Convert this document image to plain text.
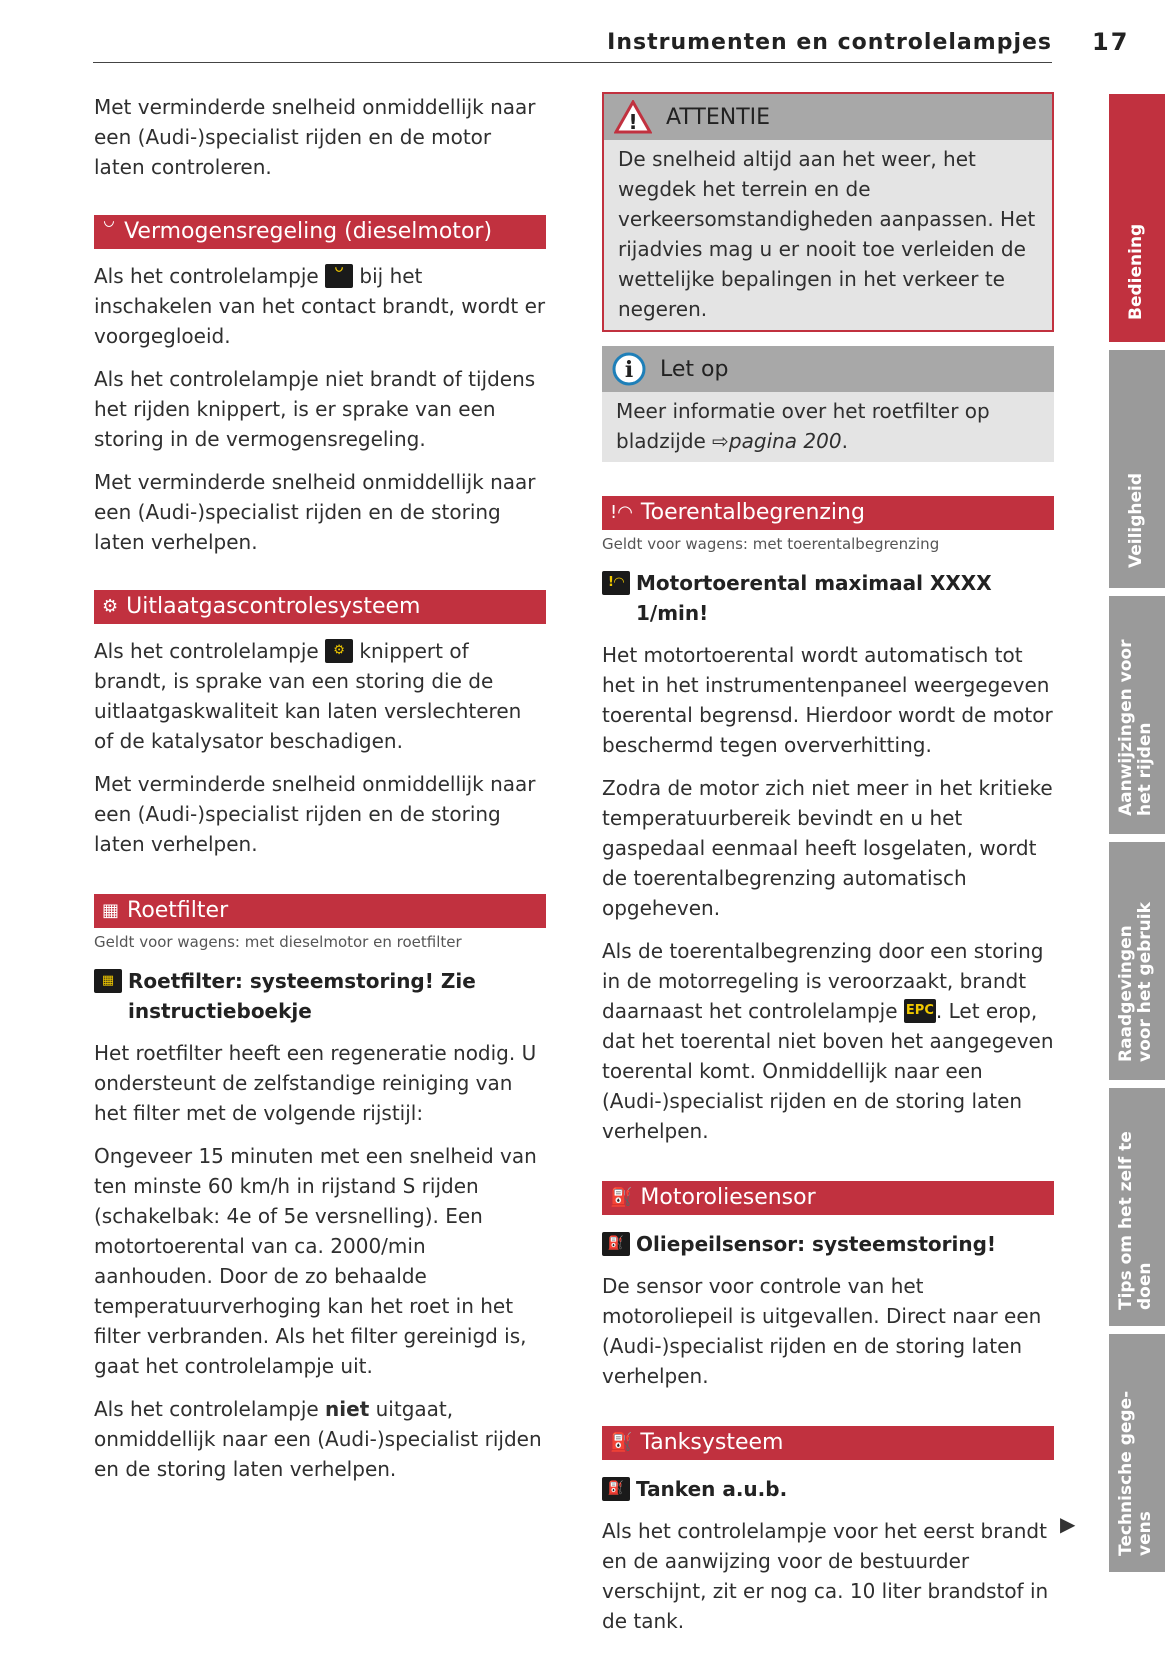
Instrumenten en controlelampjes 17

Met verminderde snelheid onmiddellijk naar een (Audi-)specialist rijden en de motor laten controleren.

꒡ Vermogensregeling (dieselmotor)

Als het controlelampje ꒡ bij het inschakelen van het contact brandt, wordt er voorgegloeid.

Als het controlelampje niet brandt of tijdens het rijden knippert, is er sprake van een storing in de vermogensregeling.

Met verminderde snelheid onmiddellijk naar een (Audi-)specialist rijden en de storing laten verhelpen.

⚙ Uitlaatgascontrolesysteem

Als het controlelampje ⚙ knippert of brandt, is sprake van een storing die de uitlaatgaskwaliteit kan laten verslechteren of de katalysator beschadigen.

Met verminderde snelheid onmiddellijk naar een (Audi-)specialist rijden en de storing laten verhelpen.

▦ Roetfilter

Geldt voor wagens: met dieselmotor en roetfilter

▦ Roetfilter: systeemstoring! Zie instructieboekje

Het roetfilter heeft een regeneratie nodig. U ondersteunt de zelfstandige reiniging van het filter met de volgende rijstijl:

Ongeveer 15 minuten met een snelheid van ten minste 60 km/h in rijstand S rijden (schakelbak: 4e of 5e versnelling). Een motortoerental van ca. 2000/min aanhouden. Door de zo behaalde temperatuurverhoging kan het roet in het filter verbranden. Als het filter gereinigd is, gaat het controlelampje uit.

Als het controlelampje niet uitgaat, onmiddellijk naar een (Audi-)specialist rijden en de storing laten verhelpen.

! ATTENTIE
De snelheid altijd aan het weer, het wegdek het terrein en de verkeersomstandigheden aanpassen. Het rijadvies mag u er nooit toe verleiden de wettelijke bepalingen in het verkeer te negeren.
i Let op
Meer informatie over het roetfilter op bladzijde ⇨pagina 200.
!◠ Toerentalbegrenzing

Geldt voor wagens: met toerentalbegrenzing

!◠ Motortoerental maximaal XXXX 1/min!

Het motortoerental wordt automatisch tot het in het instrumentenpaneel weergegeven toerental begrensd. Hierdoor wordt de motor beschermd tegen oververhitting.

Zodra de motor zich niet meer in het kritieke temperatuurbereik bevindt en u het gaspedaal eenmaal heeft losgelaten, wordt de toerentalbegrenzing automatisch opgeheven.

Als de toerentalbegrenzing door een storing in de motorregeling is veroorzaakt, brandt daarnaast het controlelampje EPC . Let erop, dat het toerental niet boven het aangegeven toerental komt. Onmiddellijk naar een (Audi-)specialist rijden en de storing laten verhelpen.

⛽ Motoroliesensor
⛽ Oliepeilsensor: systeemstoring!

De sensor voor controle van het motoroliepeil is uitgevallen. Direct naar een (Audi-)specialist rijden en de storing laten verhelpen.

⛽ Tanksysteem
⛽ Tanken a.u.b.

Als het controlelampje voor het eerst brandt en de aanwijzing voor de bestuurder verschijnt, zit er nog ca. 10 liter brandstof in de tank.

▶
Bediening
Veiligheid
Aanwijzingen voor het rijden
Raadgevingen voor het gebruik
Tips om het zelf te doen
Technische gege- vens
